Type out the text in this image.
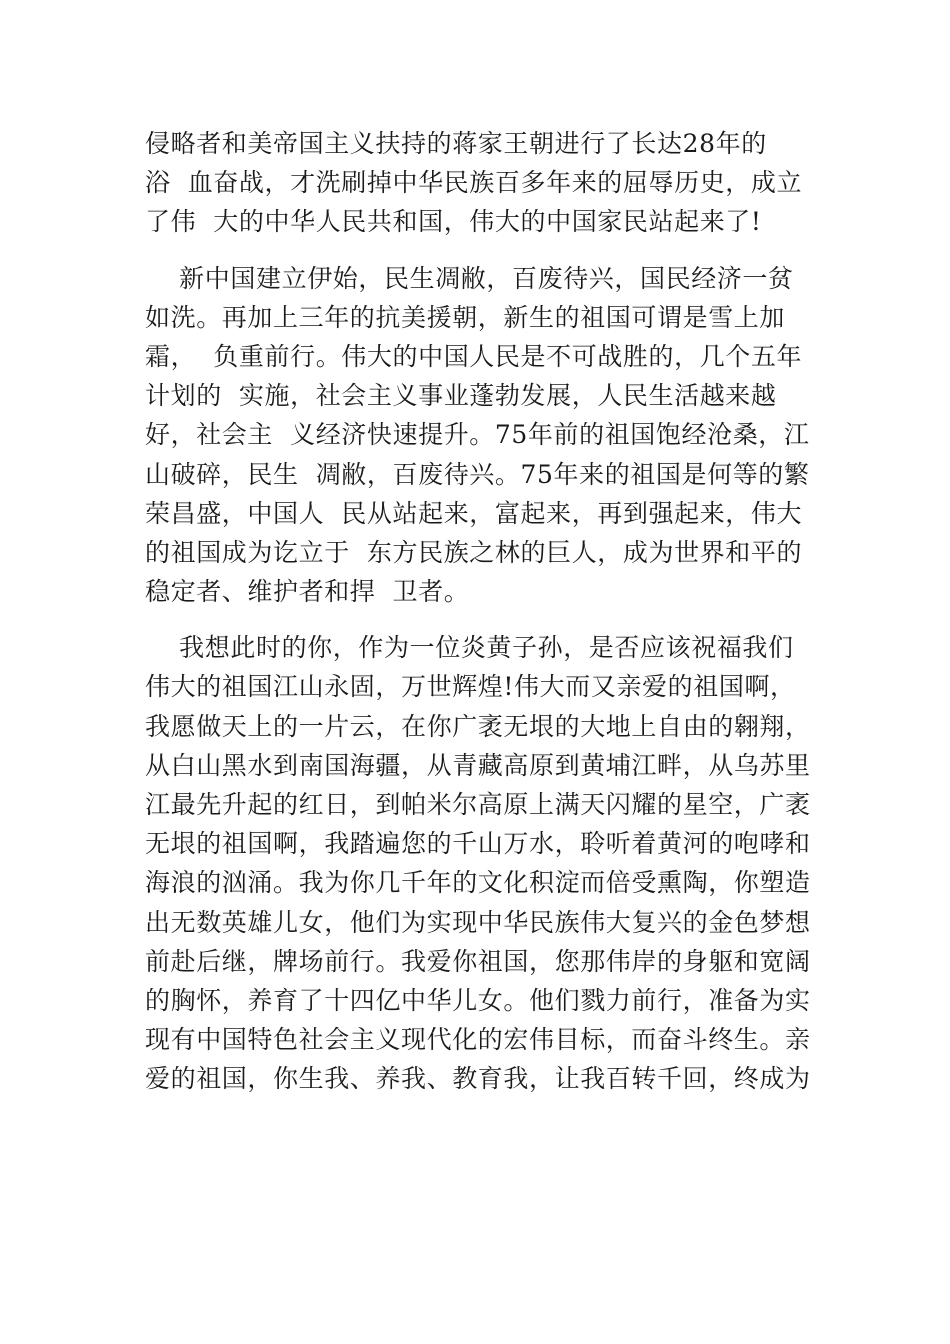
侵略者和美帝国主义扶持的蒋家王朝进行了长达28年的
浴  血奋战，才洗刷掉中华民族百多年来的屈辱历史，成立
了伟  大的中华人民共和国，伟大的中国家民站起来了!
新中国建立伊始，民生凋敝，百废待兴，国民经济一贫
如洗。再加上三年的抗美援朝，新生的祖国可谓是雪上加
霜，  负重前行。伟大的中国人民是不可战胜的，几个五年
计划的  实施，社会主义事业蓬勃发展，人民生活越来越
好，社会主  义经济快速提升。75年前的祖国饱经沧桑，江
山破碎，民生  凋敝，百废待兴。75年来的祖国是何等的繁
荣昌盛，中国人  民从站起来，富起来，再到强起来，伟大
的祖国成为讫立于  东方民族之林的巨人，成为世界和平的
稳定者、维护者和捍  卫者。
我想此时的你，作为一位炎黄子孙，是否应该祝福我们
伟大的祖国江山永固，万世辉煌!伟大而又亲爱的祖国啊，
我愿做天上的一片云，在你广袤无垠的大地上自由的翱翔，
从白山黑水到南国海疆，从青藏高原到黄埔江畔，从乌苏里
江最先升起的红日，到帕米尔高原上满天闪耀的星空，广袤
无垠的祖国啊，我踏遍您的千山万水，聆听着黄河的咆哮和
海浪的汹涌。我为你几千年的文化积淀而倍受熏陶，你塑造
出无数英雄儿女，他们为实现中华民族伟大复兴的金色梦想
前赴后继，牌场前行。我爱你祖国，您那伟岸的身躯和宽阔
的胸怀，养育了十四亿中华儿女。他们戮力前行，准备为实
现有中国特色社会主义现代化的宏伟目标，而奋斗终生。亲
爱的祖国，你生我、养我、教育我，让我百转千回，终成为
